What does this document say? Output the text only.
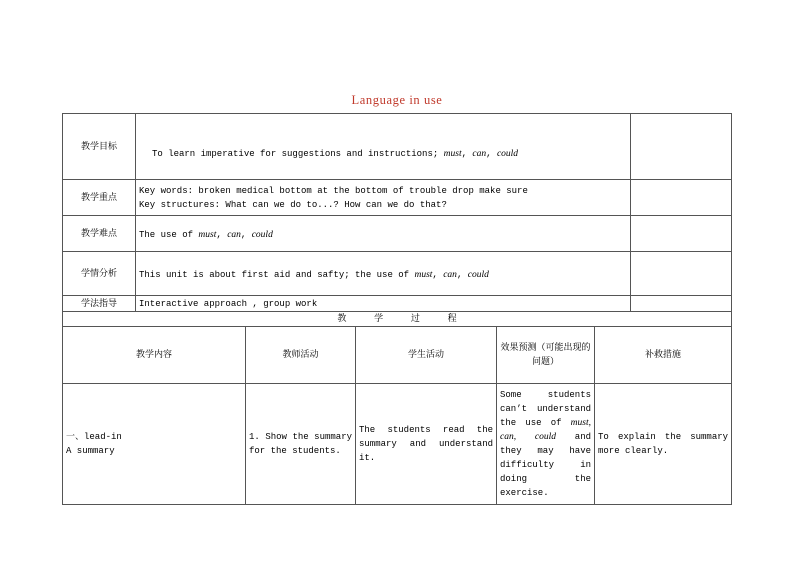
Language in use
教学目标	To learn imperative for suggestions and instructions; must, can, could						
教学重点	Key words: broken medical bottom at the bottom of trouble drop make sure
Key structures: What can we do to...? How can we do that?						

教学难点	The use of must, can, could						
学情分析	This unit is about first aid and safty; the use of must, can, could						
学法指导	Interactive approach , group work						
教 学 过 程							
教学内容		教师活动	学生活动	效果预测（可能出现的问题）	补救措施	

一、lead-in
A summary		1. Show the summary for the students.	The students read the summary and understand it.	Some students can’t understand the use of must, can, could and they may have difficulty in doing the exercise.	To explain the summary more clearly.		
